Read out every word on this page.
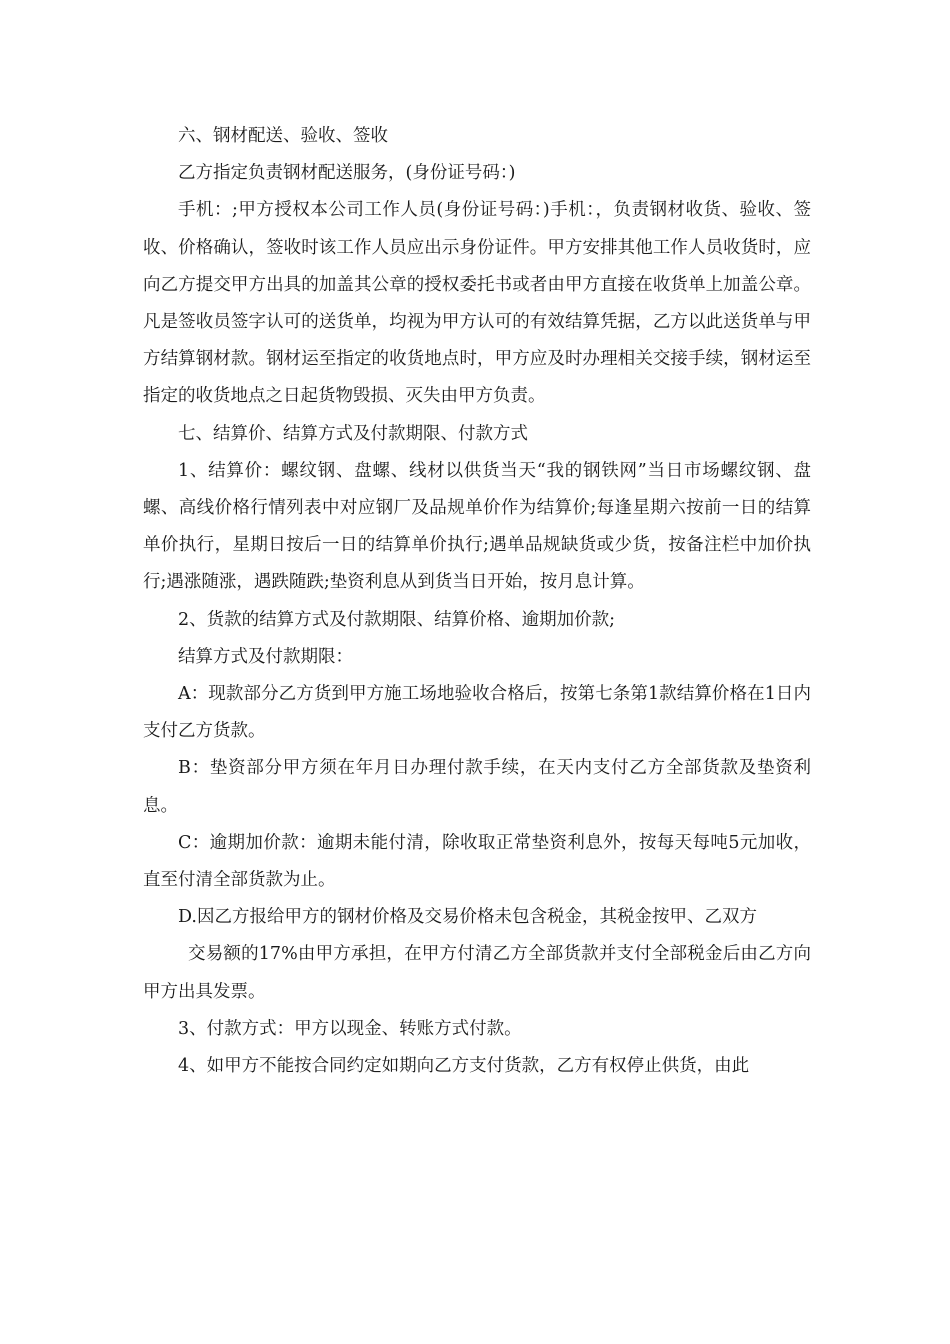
六、钢材配送、验收、签收

乙方指定负责钢材配送服务，(身份证号码：)

手机：;甲方授权本公司工作人员(身份证号码：)手机：，负责钢材收货、验收、签收、价格确认，签收时该工作人员应出示身份证件。甲方安排其他工作人员收货时，应向乙方提交甲方出具的加盖其公章的授权委托书或者由甲方直接在收货单上加盖公章。凡是签收员签字认可的送货单，均视为甲方认可的有效结算凭据，乙方以此送货单与甲方结算钢材款。钢材运至指定的收货地点时，甲方应及时办理相关交接手续，钢材运至指定的收货地点之日起货物毁损、灭失由甲方负责。

七、结算价、结算方式及付款期限、付款方式

1、结算价：螺纹钢、盘螺、线材以供货当天“我的钢铁网”当日市场螺纹钢、盘螺、高线价格行情列表中对应钢厂及品规单价作为结算价;每逢星期六按前一日的结算单价执行，星期日按后一日的结算单价执行;遇单品规缺货或少货，按备注栏中加价执行;遇涨随涨，遇跌随跌;垫资利息从到货当日开始，按月息计算。

2、货款的结算方式及付款期限、结算价格、逾期加价款;

结算方式及付款期限：

A：现款部分乙方货到甲方施工场地验收合格后，按第七条第1款结算价格在1日内支付乙方货款。

B：垫资部分甲方须在年月日办理付款手续，在天内支付乙方全部货款及垫资利息。

C：逾期加价款：逾期未能付清，除收取正常垫资利息外，按每天每吨5元加收，直至付清全部货款为止。

D.因乙方报给甲方的钢材价格及交易价格未包含税金，其税金按甲、乙双方

交易额的17%由甲方承担，在甲方付清乙方全部货款并支付全部税金后由乙方向甲方出具发票。

3、付款方式：甲方以现金、转账方式付款。

4、如甲方不能按合同约定如期向乙方支付货款，乙方有权停止供货，由此
